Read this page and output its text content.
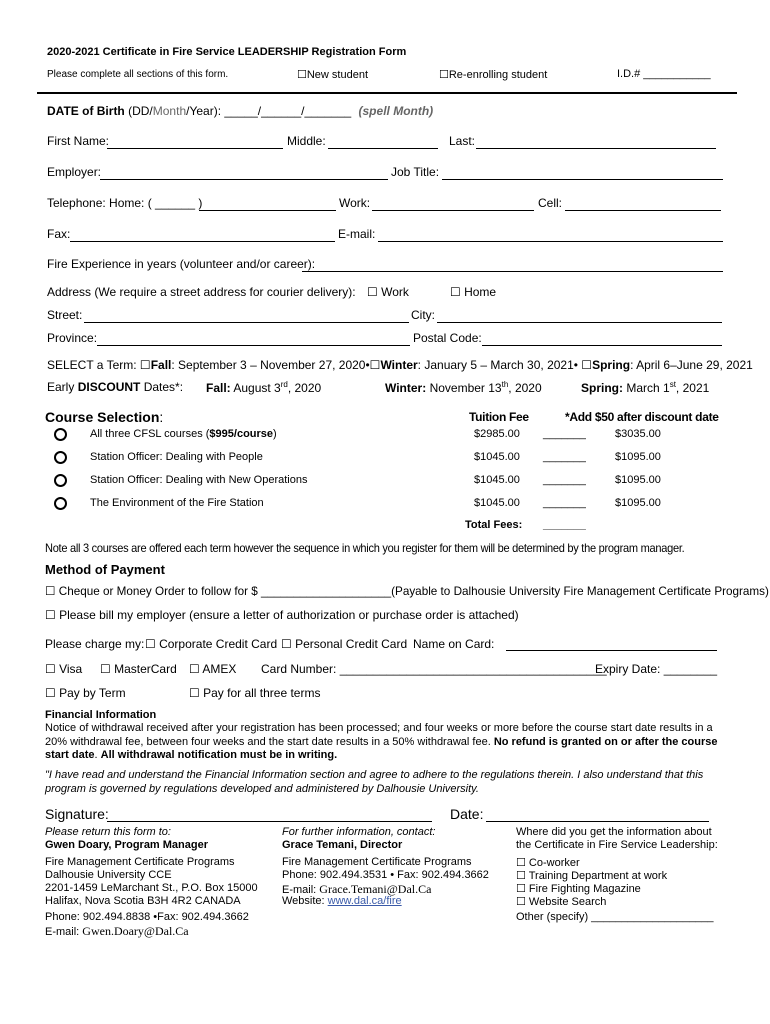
2020-2021 Certificate in Fire Service LEADERSHIP Registration Form
Please complete all sections of this form.	☐New student	☐Re-enrolling student	I.D.# ___________
DATE of Birth (DD/Month/Year): _____/______/_______ (spell Month)
First Name:	Middle:	Last:
Employer:	Job Title:
Telephone: Home: ( ______ )	Work:	Cell:
Fax:	E-mail:
Fire Experience in years (volunteer and/or career):
Address (We require a street address for courier delivery): ☐ Work	☐ Home
Street:	City:
Province:	Postal Code:
SELECT a Term: ☐Fall: September 3 – November 27, 2020•☐Winter: January 5 – March 30, 2021• ☐Spring: April 6–June 29, 2021
Early DISCOUNT Dates*: Fall: August 3rd, 2020	Winter: November 13th, 2020	Spring: March 1st, 2021
Course Selection:	Tuition Fee	*Add $50 after discount date
All three CFSL courses ($995/course)	$2985.00 _______	$3035.00
Station Officer: Dealing with People	$1045.00 _______	$1095.00
Station Officer: Dealing with New Operations	$1045.00 _______	$1095.00
The Environment of the Fire Station	$1045.00 _______	$1095.00
Total Fees: _______
Note all 3 courses are offered each term however the sequence in which you register for them will be determined by the program manager.
Method of Payment
☐ Cheque or Money Order to follow for $ ____________________(Payable to Dalhousie University Fire Management Certificate Programs)
☐ Please bill my employer (ensure a letter of authorization or purchase order is attached)
Please charge my: ☐ Corporate Credit Card ☐ Personal Credit Card Name on Card:
☐ Visa ☐ MasterCard ☐ AMEX Card Number: ________________________________________
Expiry Date: ________
☐ Pay by Term	☐ Pay for all three terms
Financial Information
Notice of withdrawal received after your registration has been processed; and four weeks or more before the course start date results in a
20% withdrawal fee, between four weeks and the start date results in a 50% withdrawal fee. No refund is granted on or after the course
start date. All withdrawal notification must be in writing.
"I have read and understand the Financial Information section and agree to adhere to the regulations therein. I also understand that this
program is governed by regulations developed and administered by Dalhousie University.
Signature:	Date:
Please return this form to:
Gwen Doary, Program Manager
Fire Management Certificate Programs
Dalhousie University CCE
2201-1459 LeMarchant St., P.O. Box 15000
Halifax, Nova Scotia B3H 4R2 CANADA
Phone: 902.494.8838 •Fax: 902.494.3662
E-mail: Gwen.Doary@Dal.Ca
For further information, contact:
Grace Temani, Director
Fire Management Certificate Programs
Phone: 902.494.3531 • Fax: 902.494.3662
E-mail: Grace.Temani@Dal.Ca
Website: www.dal.ca/fire
Where did you get the information about
the Certificate in Fire Service Leadership:
☐ Co-worker
☐ Training Department at work
☐ Fire Fighting Magazine
☐ Website Search
Other (specify) ____________________
